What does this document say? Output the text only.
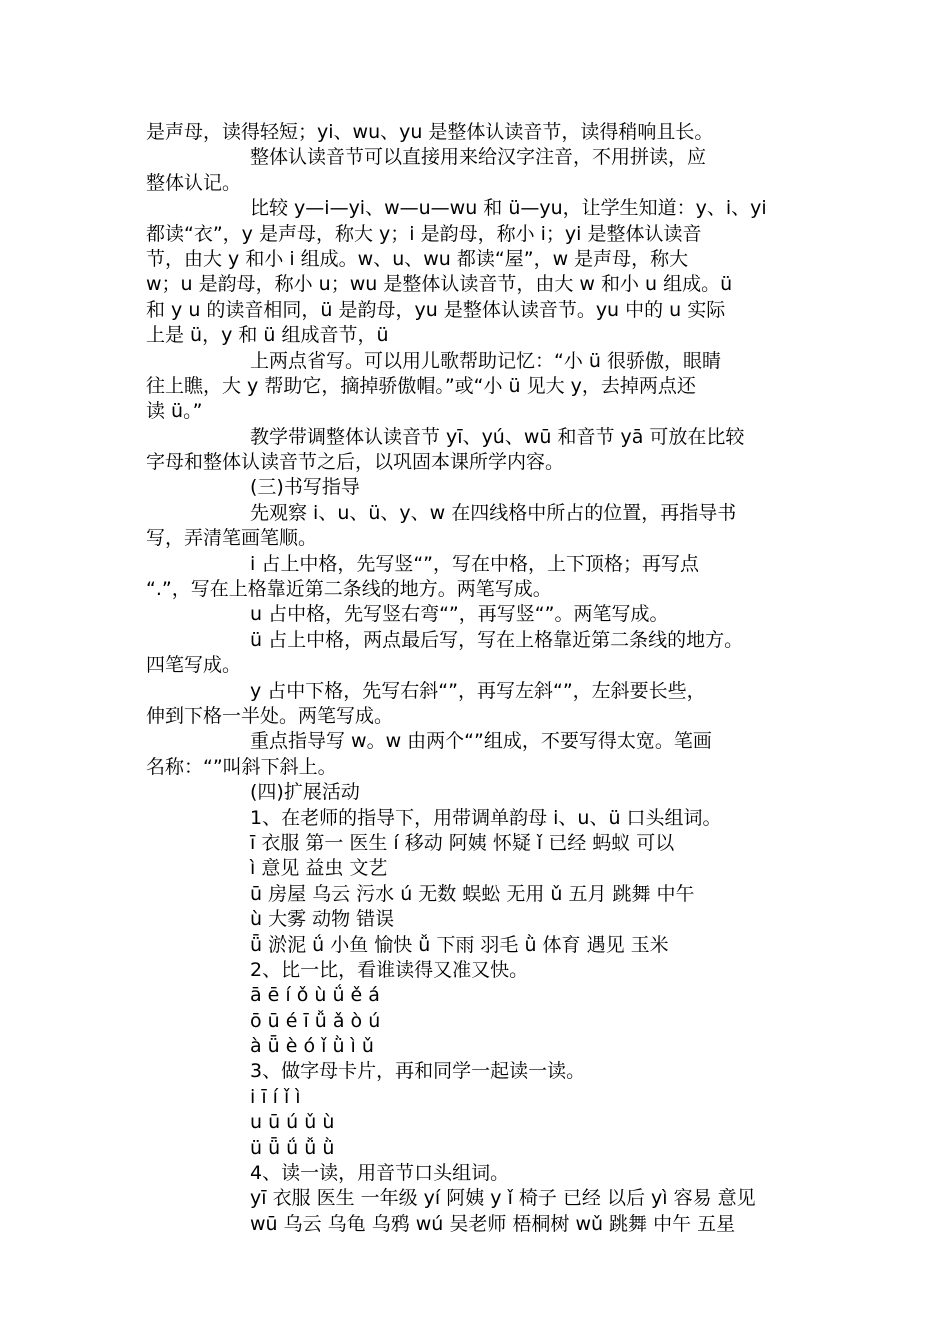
是声母，读得轻短；yi、wu、yu 是整体认读音节，读得稍响且长。
整体认读音节可以直接用来给汉字注音，不用拼读，应
整体认记。
比较 y—i—yi、w—u—wu 和 ü—yu，让学生知道：y、i、yi
都读“衣”，y 是声母，称大 y；i 是韵母，称小 i；yi 是整体认读音
节，由大 y 和小 i 组成。w、u、wu 都读“屋”，w 是声母，称大
w；u 是韵母，称小 u；wu 是整体认读音节，由大 w 和小 u 组成。ü
和 y u 的读音相同，ü 是韵母，yu 是整体认读音节。yu 中的 u 实际
上是 ü，y 和 ü 组成音节，ü
上两点省写。可以用儿歌帮助记忆：“小 ü 很骄傲，眼睛
往上瞧，大 y 帮助它，摘掉骄傲帽。”或“小 ü 见大 y，去掉两点还
读 ü。”
教学带调整体认读音节 yī、yú、wū 和音节 yā 可放在比较
字母和整体认读音节之后，以巩固本课所学内容。
(三)书写指导
先观察 i、u、ü、y、w 在四线格中所占的位置，再指导书
写，弄清笔画笔顺。
i 占上中格，先写竖“”，写在中格，上下顶格；再写点
“.”，写在上格靠近第二条线的地方。两笔写成。
u 占中格，先写竖右弯“”，再写竖“”。两笔写成。
ü 占上中格，两点最后写，写在上格靠近第二条线的地方。
四笔写成。
y 占中下格，先写右斜“”，再写左斜“”，左斜要长些，
伸到下格一半处。两笔写成。
重点指导写 w。w 由两个“”组成，不要写得太宽。笔画
名称：“”叫斜下斜上。
(四)扩展活动
1、在老师的指导下，用带调单韵母 i、u、ü 口头组词。
ī 衣服 第一 医生 í 移动 阿姨 怀疑 ǐ 已经 蚂蚁 可以
ì 意见 益虫 文艺
ū 房屋 乌云 污水 ú 无数 蜈蚣 无用 ǔ 五月 跳舞 中午
ù 大雾 动物 错误
ǖ 淤泥 ǘ 小鱼 愉快 ǚ 下雨 羽毛 ǜ 体育 遇见 玉米
2、比一比，看谁读得又准又快。
ā ē í ǒ ù ǘ ě á
ō ū é ī ǚ ǎ ò ú
à ǖ è ó ǐ ǜ ì ǔ
3、做字母卡片，再和同学一起读一读。
i ī í ǐ ì
u ū ú ǔ ù
ü ǖ ǘ ǚ ǜ
4、读一读，用音节口头组词。
yī 衣服 医生 一年级 yí 阿姨 y ǐ 椅子 已经 以后 yì 容易 意见
wū 乌云 乌龟 乌鸦 wú 吴老师 梧桐树 wǔ 跳舞 中午 五星
